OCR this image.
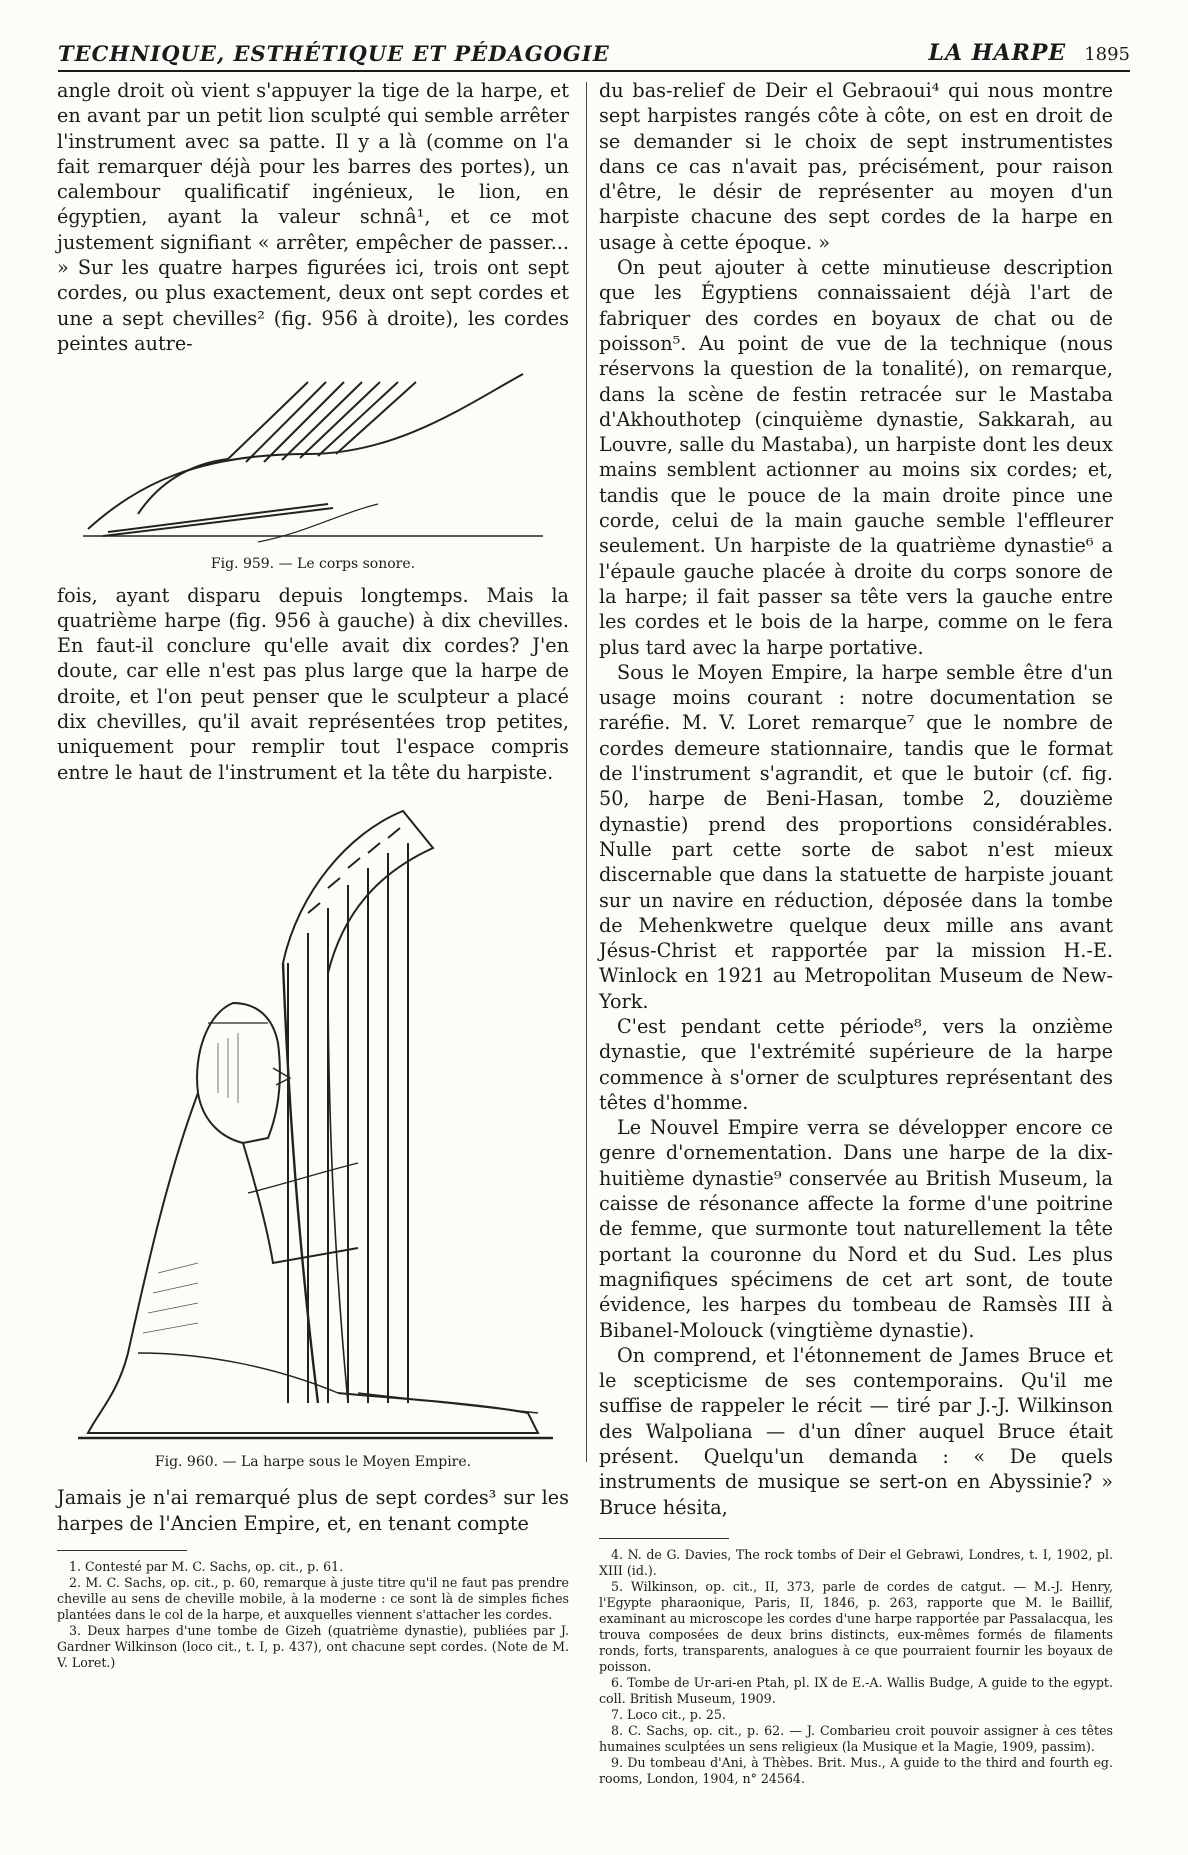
TECHNIQUE, ESTHÉTIQUE ET PÉDAGOGIE	LA HARPE 1895

angle droit où vient s'appuyer la tige de la harpe, et en avant par un petit lion sculpté qui semble arrêter l'instrument avec sa patte. Il y a là (comme on l'a fait remarquer déjà pour les barres des portes), un calembour qualificatif ingénieux, le lion, en égyptien, ayant la valeur schnâ¹, et ce mot justement signifiant « arrêter, empêcher de passer... » Sur les quatre harpes figurées ici, trois ont sept cordes, ou plus exactement, deux ont sept cordes et une a sept chevilles² (fig. 956 à droite), les cordes peintes autre-

Fig. 959. — Le corps sonore.

fois, ayant disparu depuis longtemps. Mais la quatrième harpe (fig. 956 à gauche) à dix chevilles. En faut-il conclure qu'elle avait dix cordes? J'en doute, car elle n'est pas plus large que la harpe de droite, et l'on peut penser que le sculpteur a placé dix chevilles, qu'il avait représentées trop petites, uniquement pour remplir tout l'espace compris entre le haut de l'instrument et la tête du harpiste.

Fig. 960. — La harpe sous le Moyen Empire.

Jamais je n'ai remarqué plus de sept cordes³ sur les harpes de l'Ancien Empire, et, en tenant compte

1. Contesté par M. C. Sachs, op. cit., p. 61.

2. M. C. Sachs, op. cit., p. 60, remarque à juste titre qu'il ne faut pas prendre cheville au sens de cheville mobile, à la moderne : ce sont là de simples fiches plantées dans le col de la harpe, et auxquelles viennent s'attacher les cordes.

3. Deux harpes d'une tombe de Gizeh (quatrième dynastie), publiées par J. Gardner Wilkinson (loco cit., t. I, p. 437), ont chacune sept cordes. (Note de M. V. Loret.)

du bas-relief de Deir el Gebraoui⁴ qui nous montre sept harpistes rangés côte à côte, on est en droit de se demander si le choix de sept instrumentistes dans ce cas n'avait pas, précisément, pour raison d'être, le désir de représenter au moyen d'un harpiste chacune des sept cordes de la harpe en usage à cette époque. »

On peut ajouter à cette minutieuse description que les Égyptiens connaissaient déjà l'art de fabriquer des cordes en boyaux de chat ou de poisson⁵. Au point de vue de la technique (nous réservons la question de la tonalité), on remarque, dans la scène de festin retracée sur le Mastaba d'Akhouthotep (cinquième dynastie, Sakkarah, au Louvre, salle du Mastaba), un harpiste dont les deux mains semblent actionner au moins six cordes; et, tandis que le pouce de la main droite pince une corde, celui de la main gauche semble l'effleurer seulement. Un harpiste de la quatrième dynastie⁶ a l'épaule gauche placée à droite du corps sonore de la harpe; il fait passer sa tête vers la gauche entre les cordes et le bois de la harpe, comme on le fera plus tard avec la harpe portative.

Sous le Moyen Empire, la harpe semble être d'un usage moins courant : notre documentation se raréfie. M. V. Loret remarque⁷ que le nombre de cordes demeure stationnaire, tandis que le format de l'instrument s'agrandit, et que le butoir (cf. fig. 50, harpe de Beni-Hasan, tombe 2, douzième dynastie) prend des proportions considérables. Nulle part cette sorte de sabot n'est mieux discernable que dans la statuette de harpiste jouant sur un navire en réduction, déposée dans la tombe de Mehenkwetre quelque deux mille ans avant Jésus-Christ et rapportée par la mission H.-E. Winlock en 1921 au Metropolitan Museum de New-York.

C'est pendant cette période⁸, vers la onzième dynastie, que l'extrémité supérieure de la harpe commence à s'orner de sculptures représentant des têtes d'homme.

Le Nouvel Empire verra se développer encore ce genre d'ornementation. Dans une harpe de la dix-huitième dynastie⁹ conservée au British Museum, la caisse de résonance affecte la forme d'une poitrine de femme, que surmonte tout naturellement la tête portant la couronne du Nord et du Sud. Les plus magnifiques spécimens de cet art sont, de toute évidence, les harpes du tombeau de Ramsès III à Bibanel-Molouck (vingtième dynastie).

On comprend, et l'étonnement de James Bruce et le scepticisme de ses contemporains. Qu'il me suffise de rappeler le récit — tiré par J.-J. Wilkinson des Walpoliana — d'un dîner auquel Bruce était présent. Quelqu'un demanda : « De quels instruments de musique se sert-on en Abyssinie? » Bruce hésita,

4. N. de G. Davies, The rock tombs of Deir el Gebrawi, Londres, t. I, 1902, pl. XIII (id.).

5. Wilkinson, op. cit., II, 373, parle de cordes de catgut. — M.-J. Henry, l'Egypte pharaonique, Paris, II, 1846, p. 263, rapporte que M. le Baillif, examinant au microscope les cordes d'une harpe rapportée par Passalacqua, les trouva composées de deux brins distincts, eux-mêmes formés de filaments ronds, forts, transparents, analogues à ce que pourraient fournir les boyaux de poisson.

6. Tombe de Ur-ari-en Ptah, pl. IX de E.-A. Wallis Budge, A guide to the egypt. coll. British Museum, 1909.

7. Loco cit., p. 25.

8. C. Sachs, op. cit., p. 62. — J. Combarieu croit pouvoir assigner à ces têtes humaines sculptées un sens religieux (la Musique et la Magie, 1909, passim).

9. Du tombeau d'Ani, à Thèbes. Brit. Mus., A guide to the third and fourth eg. rooms, London, 1904, n° 24564.
